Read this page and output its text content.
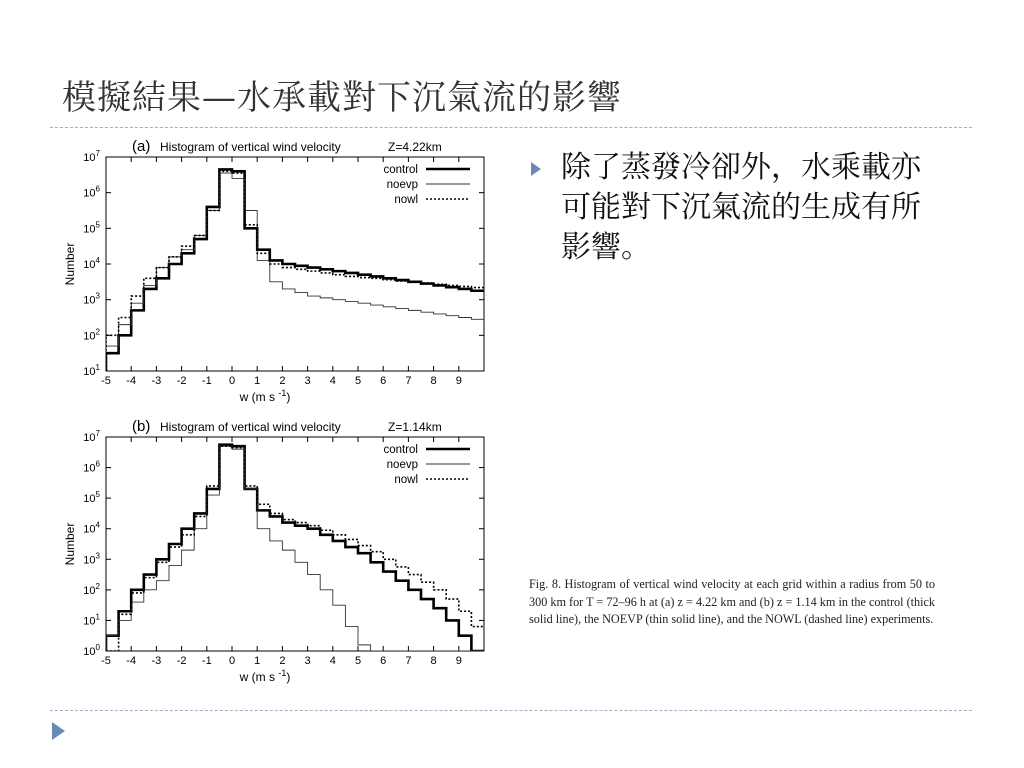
模擬結果—水承載對下沉氣流的影響
(a) Histogram of vertical wind velocity	Z=4.22km
$10^1$
$10^2$
$10^3$
$10^4$
$10^5$
$10^6$
$10^7$
-5 -4 -3 -2 -1 0 1 2 3 4 5 6 7 8 9
w (m s $^{-1}$)
Number
control
noevp
nowl
(b) Histogram of vertical wind velocity	Z=1.14km
$10^0$
$10^1$
$10^2$
$10^3$
$10^4$
$10^5$
$10^6$
$10^7$
-5 -4 -3 -2 -1 0 1 2 3 4 5 6 7 8 9
w (m s $^{-1}$)
Number
control
noevp
nowl
除了蒸發冷卻外，水乘載亦可能對下沉氣流的生成有所影響。
Fig. 8. Histogram of vertical wind velocity at each grid within a radius from 50 to 300 km for T = 72–96 h at (a) z = 4.22 km and (b) z = 1.14 km in the control (thick solid line), the NOEVP (thin solid line), and the NOWL (dashed line) experiments.
